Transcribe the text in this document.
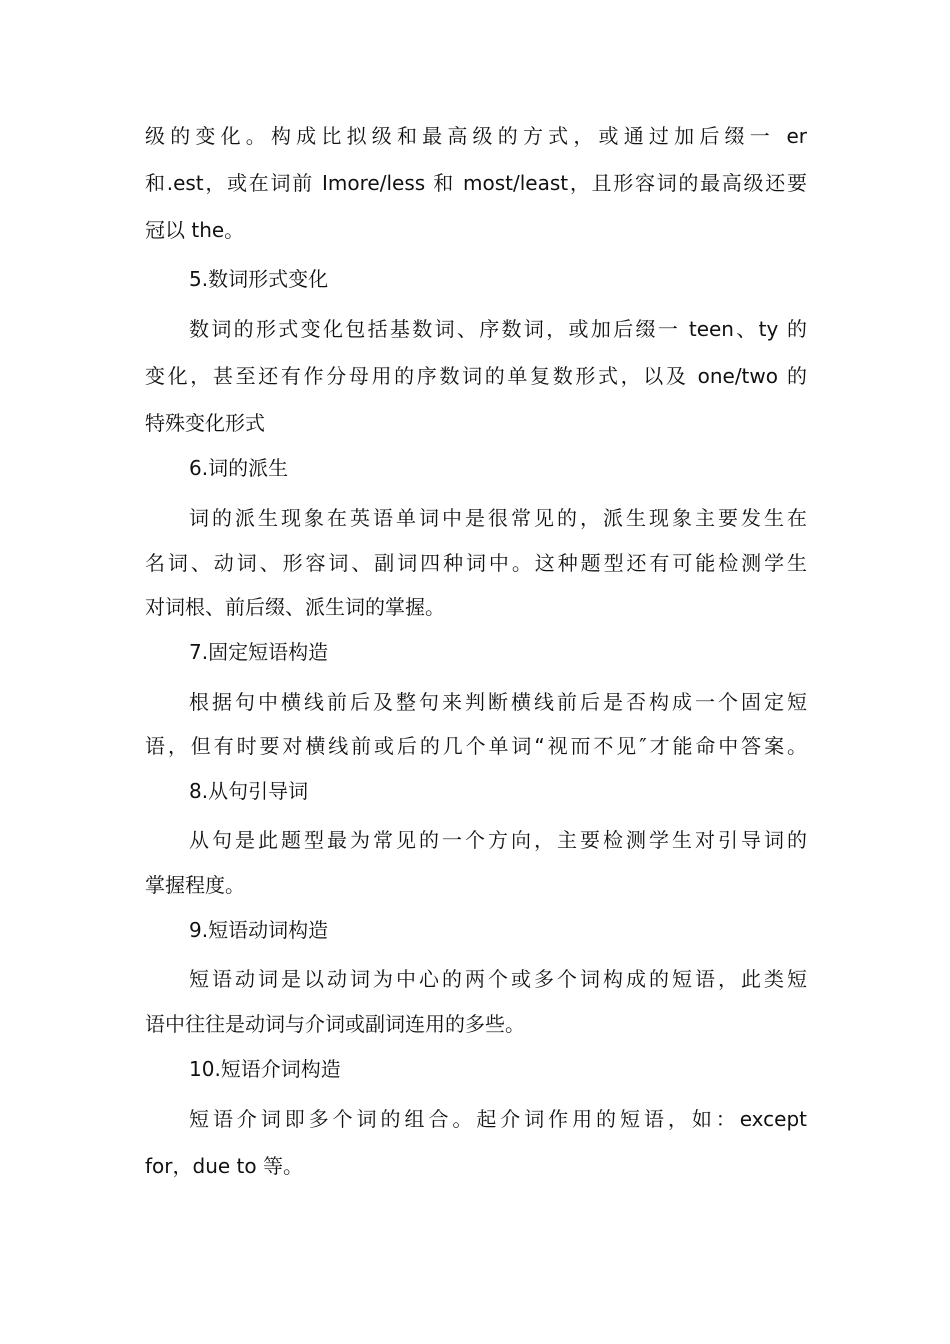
级的变化。构成比拟级和最高级的方式，或通过加后缀一 er
和.est，或在词前 Imore/less 和 most/least，且形容词的最高级还要
冠以 the。
5.数词形式变化
数词的形式变化包括基数词、序数词，或加后缀一 teen、ty 的
变化，甚至还有作分母用的序数词的单复数形式，以及 one/two 的
特殊变化形式
6.词的派生
词的派生现象在英语单词中是很常见的，派生现象主要发生在
名词、动词、形容词、副词四种词中。这种题型还有可能检测学生
对词根、前后缀、派生词的掌握。
7.固定短语构造
根据句中横线前后及整句来判断横线前后是否构成一个固定短
语，但有时要对横线前或后的几个单词“视而不见″才能命中答案。
8.从句引导词
从句是此题型最为常见的一个方向，主要检测学生对引导词的
掌握程度。
9.短语动词构造
短语动词是以动词为中心的两个或多个词构成的短语，此类短
语中往往是动词与介词或副词连用的多些。
10.短语介词构造
短语介词即多个词的组合。起介词作用的短语，如：except
for，due to 等。
